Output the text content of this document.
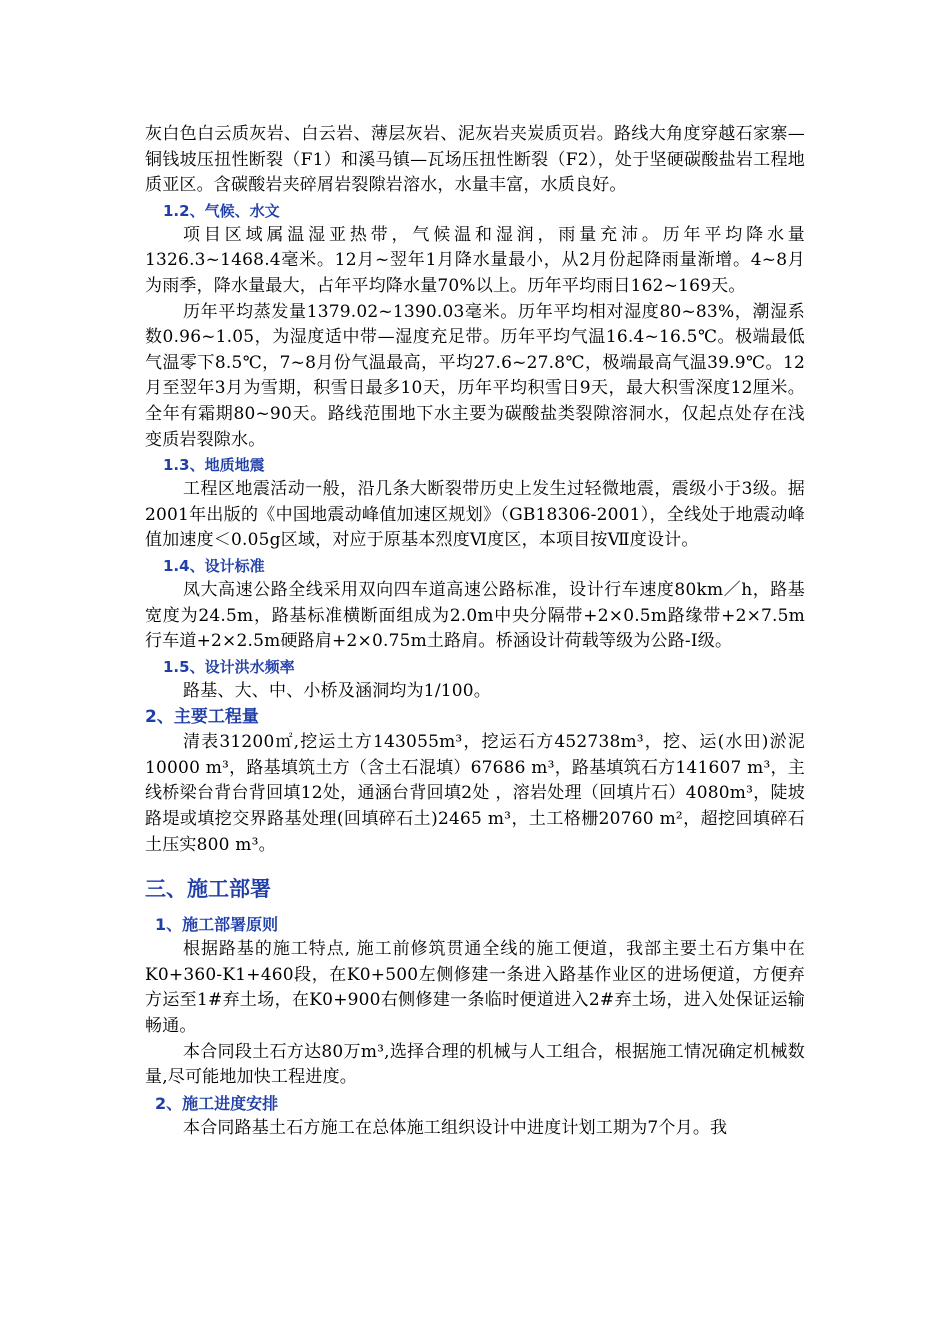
灰白色白云质灰岩、白云岩、薄层灰岩、泥灰岩夹炭质页岩。路线大角度穿越石家寨—铜钱坡压扭性断裂（F1）和溪马镇—瓦场压扭性断裂（F2），处于坚硬碳酸盐岩工程地质亚区。含碳酸岩夹碎屑岩裂隙岩溶水，水量丰富，水质良好。

1.2、气候、水文

项目区域属温湿亚热带，气候温和湿润，雨量充沛。历年平均降水量1326.3~1468.4毫米。12月~翌年1月降水量最小，从2月份起降雨量渐增。4~8月为雨季，降水量最大，占年平均降水量70%以上。历年平均雨日162~169天。

历年平均蒸发量1379.02~1390.03毫米。历年平均相对湿度80~83%，潮湿系数0.96~1.05，为湿度适中带—湿度充足带。历年平均气温16.4~16.5℃。极端最低气温零下8.5℃，7~8月份气温最高，平均27.6~27.8℃，极端最高气温39.9℃。12月至翌年3月为雪期，积雪日最多10天，历年平均积雪日9天，最大积雪深度12厘米。全年有霜期80~90天。路线范围地下水主要为碳酸盐类裂隙溶洞水，仅起点处存在浅变质岩裂隙水。

1.3、地质地震

工程区地震活动一般，沿几条大断裂带历史上发生过轻微地震，震级小于3级。据2001年出版的《中国地震动峰值加速区规划》（GB18306-2001），全线处于地震动峰值加速度＜0.05g区域，对应于原基本烈度Ⅵ度区，本项目按Ⅶ度设计。

1.4、设计标准

凤大高速公路全线采用双向四车道高速公路标准，设计行车速度80km／h，路基宽度为24.5m，路基标准横断面组成为2.0m中央分隔带+2×0.5m路缘带+2×7.5m行车道+2×2.5m硬路肩+2×0.75m土路肩。桥涵设计荷载等级为公路-Ⅰ级。

1.5、设计洪水频率

路基、大、中、小桥及涵洞均为1/100。

2、主要工程量

清表31200㎡,挖运土方143055m³，挖运石方452738m³，挖、运(水田)淤泥10000 m³，路基填筑土方（含土石混填）67686 m³，路基填筑石方141607 m³，主线桥梁台背台背回填12处，通涵台背回填2处 ，溶岩处理（回填片石）4080m³，陡坡路堤或填挖交界路基处理(回填碎石土)2465 m³，土工格栅20760 m²，超挖回填碎石土压实800 m³。

三、施工部署

1、施工部署原则

根据路基的施工特点, 施工前修筑贯通全线的施工便道，我部主要土石方集中在K0+360-K1+460段，在K0+500左侧修建一条进入路基作业区的进场便道，方便弃方运至1#弃土场，在K0+900右侧修建一条临时便道进入2#弃土场，进入处保证运输畅通。

本合同段土石方达80万m³,选择合理的机械与人工组合，根据施工情况确定机械数量,尽可能地加快工程进度。

2、施工进度安排

本合同路基土石方施工在总体施工组织设计中进度计划工期为7个月。我
